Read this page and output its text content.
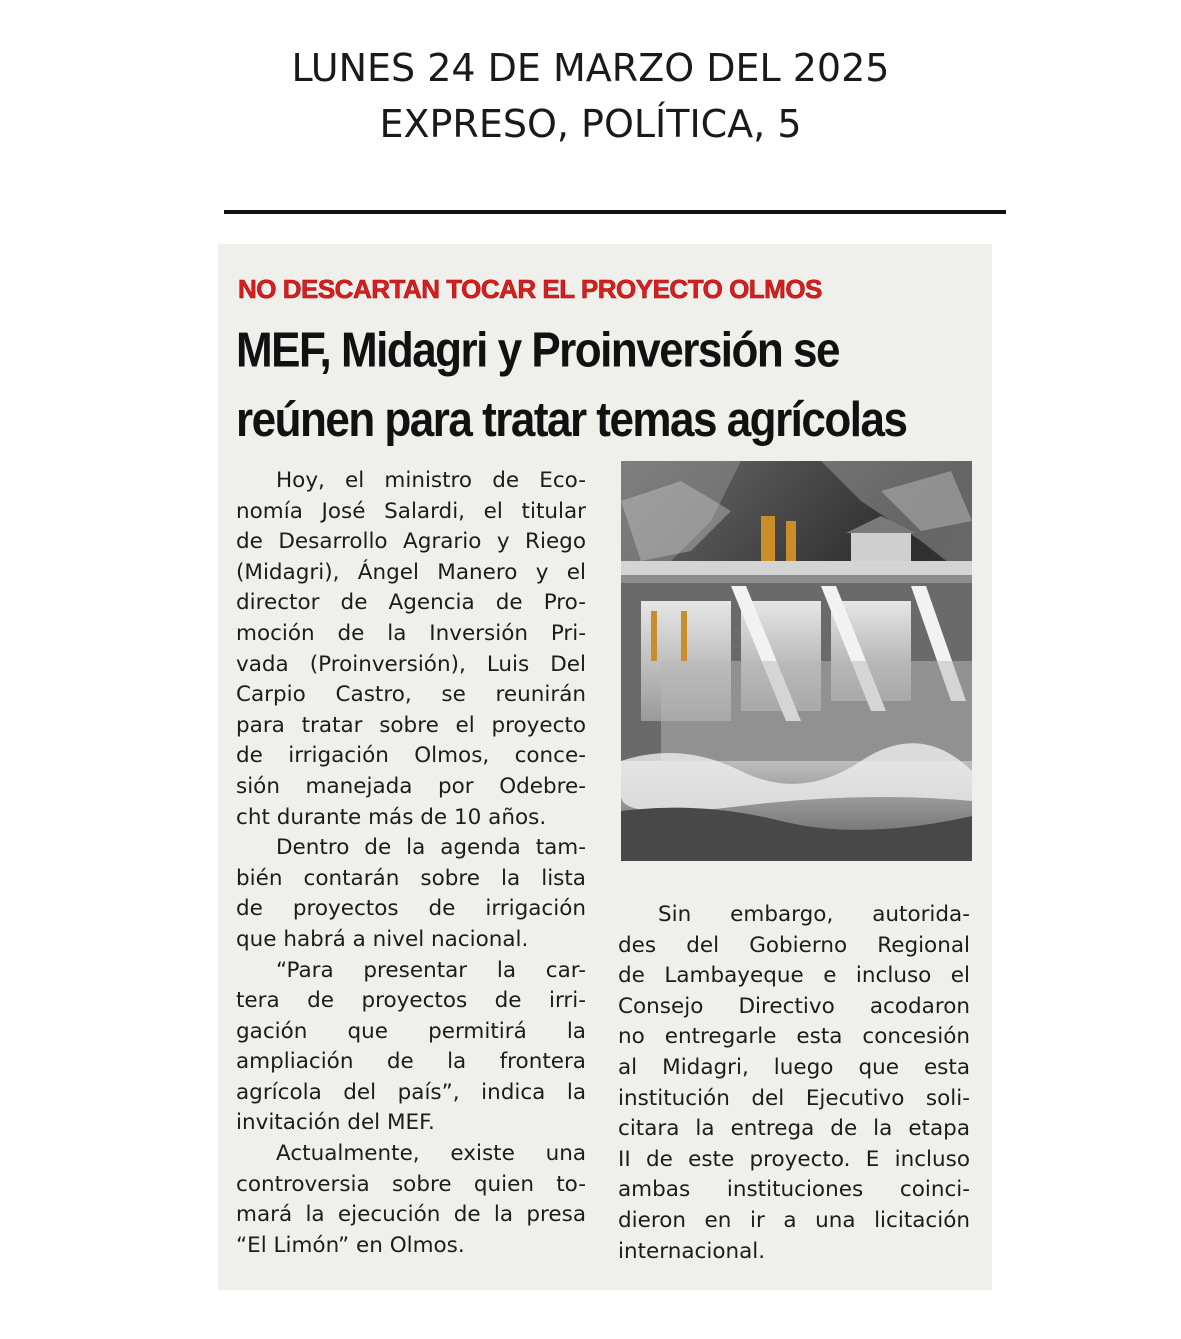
LUNES 24 DE MARZO DEL 2025
EXPRESO, POLÍTICA, 5
NO DESCARTAN TOCAR EL PROYECTO OLMOS
MEF, Midagri y Proinversión se
reúnen para tratar temas agrícolas

Hoy, el ministro de Eco-
nomía José Salardi, el titular
de Desarrollo Agrario y Riego
(Midagri), Ángel Manero y el
director de Agencia de Pro-
moción de la Inversión Pri-
vada (Proinversión), Luis Del
Carpio Castro, se reunirán
para tratar sobre el proyecto
de irrigación Olmos, conce-
sión manejada por Odebre-
cht durante más de 10 años.

Dentro de la agenda tam-
bién contarán sobre la lista
de proyectos de irrigación
que habrá a nivel nacional.

“Para presentar la car-
tera de proyectos de irri-
gación que permitirá la
ampliación de la frontera
agrícola del país”, indica la
invitación del MEF.

Actualmente, existe una
controversia sobre quien to-
mará la ejecución de la presa
“El Limón” en Olmos.

Sin embargo, autorida-
des del Gobierno Regional
de Lambayeque e incluso el
Consejo Directivo acodaron
no entregarle esta concesión
al Midagri, luego que esta
institución del Ejecutivo soli-
citara la entrega de la etapa
II de este proyecto. E incluso
ambas instituciones coinci-
dieron en ir a una licitación
internacional.
